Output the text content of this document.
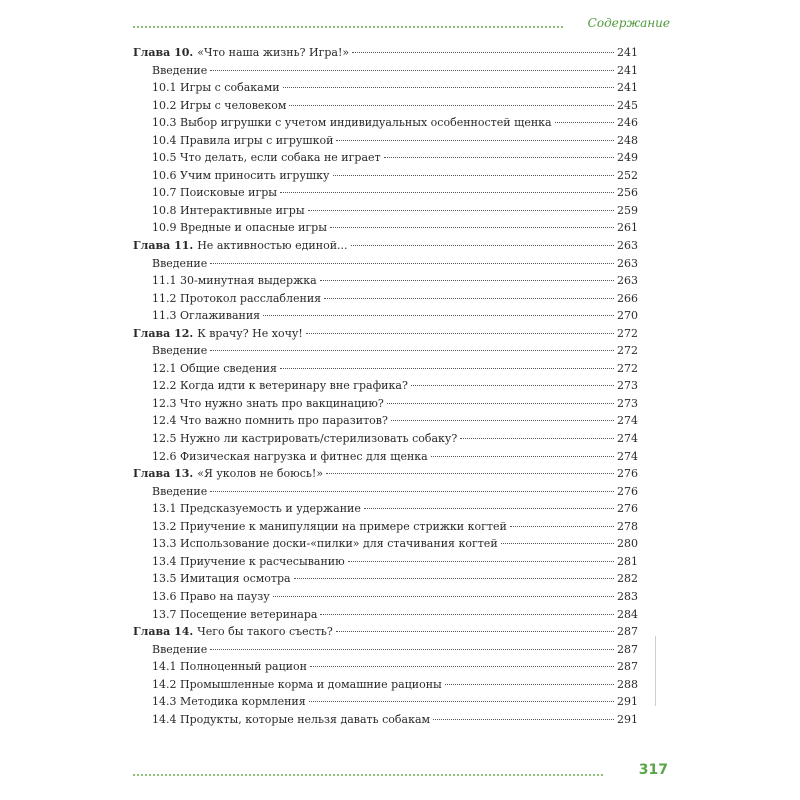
Содержание
Глава 10. «Что наша жизнь? Игра!»	241
Введение	241
10.1 Игры с собаками	241
10.2 Игры с человеком	245
10.3 Выбор игрушки с учетом индивидуальных особенностей щенка	246
10.4 Правила игры с игрушкой	248
10.5 Что делать, если собака не играет	249
10.6 Учим приносить игрушку	252
10.7 Поисковые игры	256
10.8 Интерактивные игры	259
10.9 Вредные и опасные игры	261
Глава 11. Не активностью единой...	263
Введение	263
11.1 30-минутная выдержка	263
11.2 Протокол расслабления	266
11.3 Оглаживания	270
Глава 12. К врачу? Не хочу!	272
Введение	272
12.1 Общие сведения	272
12.2 Когда идти к ветеринару вне графика?	273
12.3 Что нужно знать про вакцинацию?	273
12.4 Что важно помнить про паразитов?	274
12.5 Нужно ли кастрировать/стерилизовать собаку?	274
12.6 Физическая нагрузка и фитнес для щенка	274
Глава 13. «Я уколов не боюсь!»	276
Введение	276
13.1 Предсказуемость и удержание	276
13.2 Приучение к манипуляции на примере стрижки когтей	278
13.3 Использование доски-«пилки» для стачивания когтей	280
13.4 Приучение к расчесыванию	281
13.5 Имитация осмотра	282
13.6 Право на паузу	283
13.7 Посещение ветеринара	284
Глава 14. Чего бы такого съесть?	287
Введение	287
14.1 Полноценный рацион	287
14.2 Промышленные корма и домашние рационы	288
14.3 Методика кормления	291
14.4 Продукты, которые нельзя давать собакам	291
317
